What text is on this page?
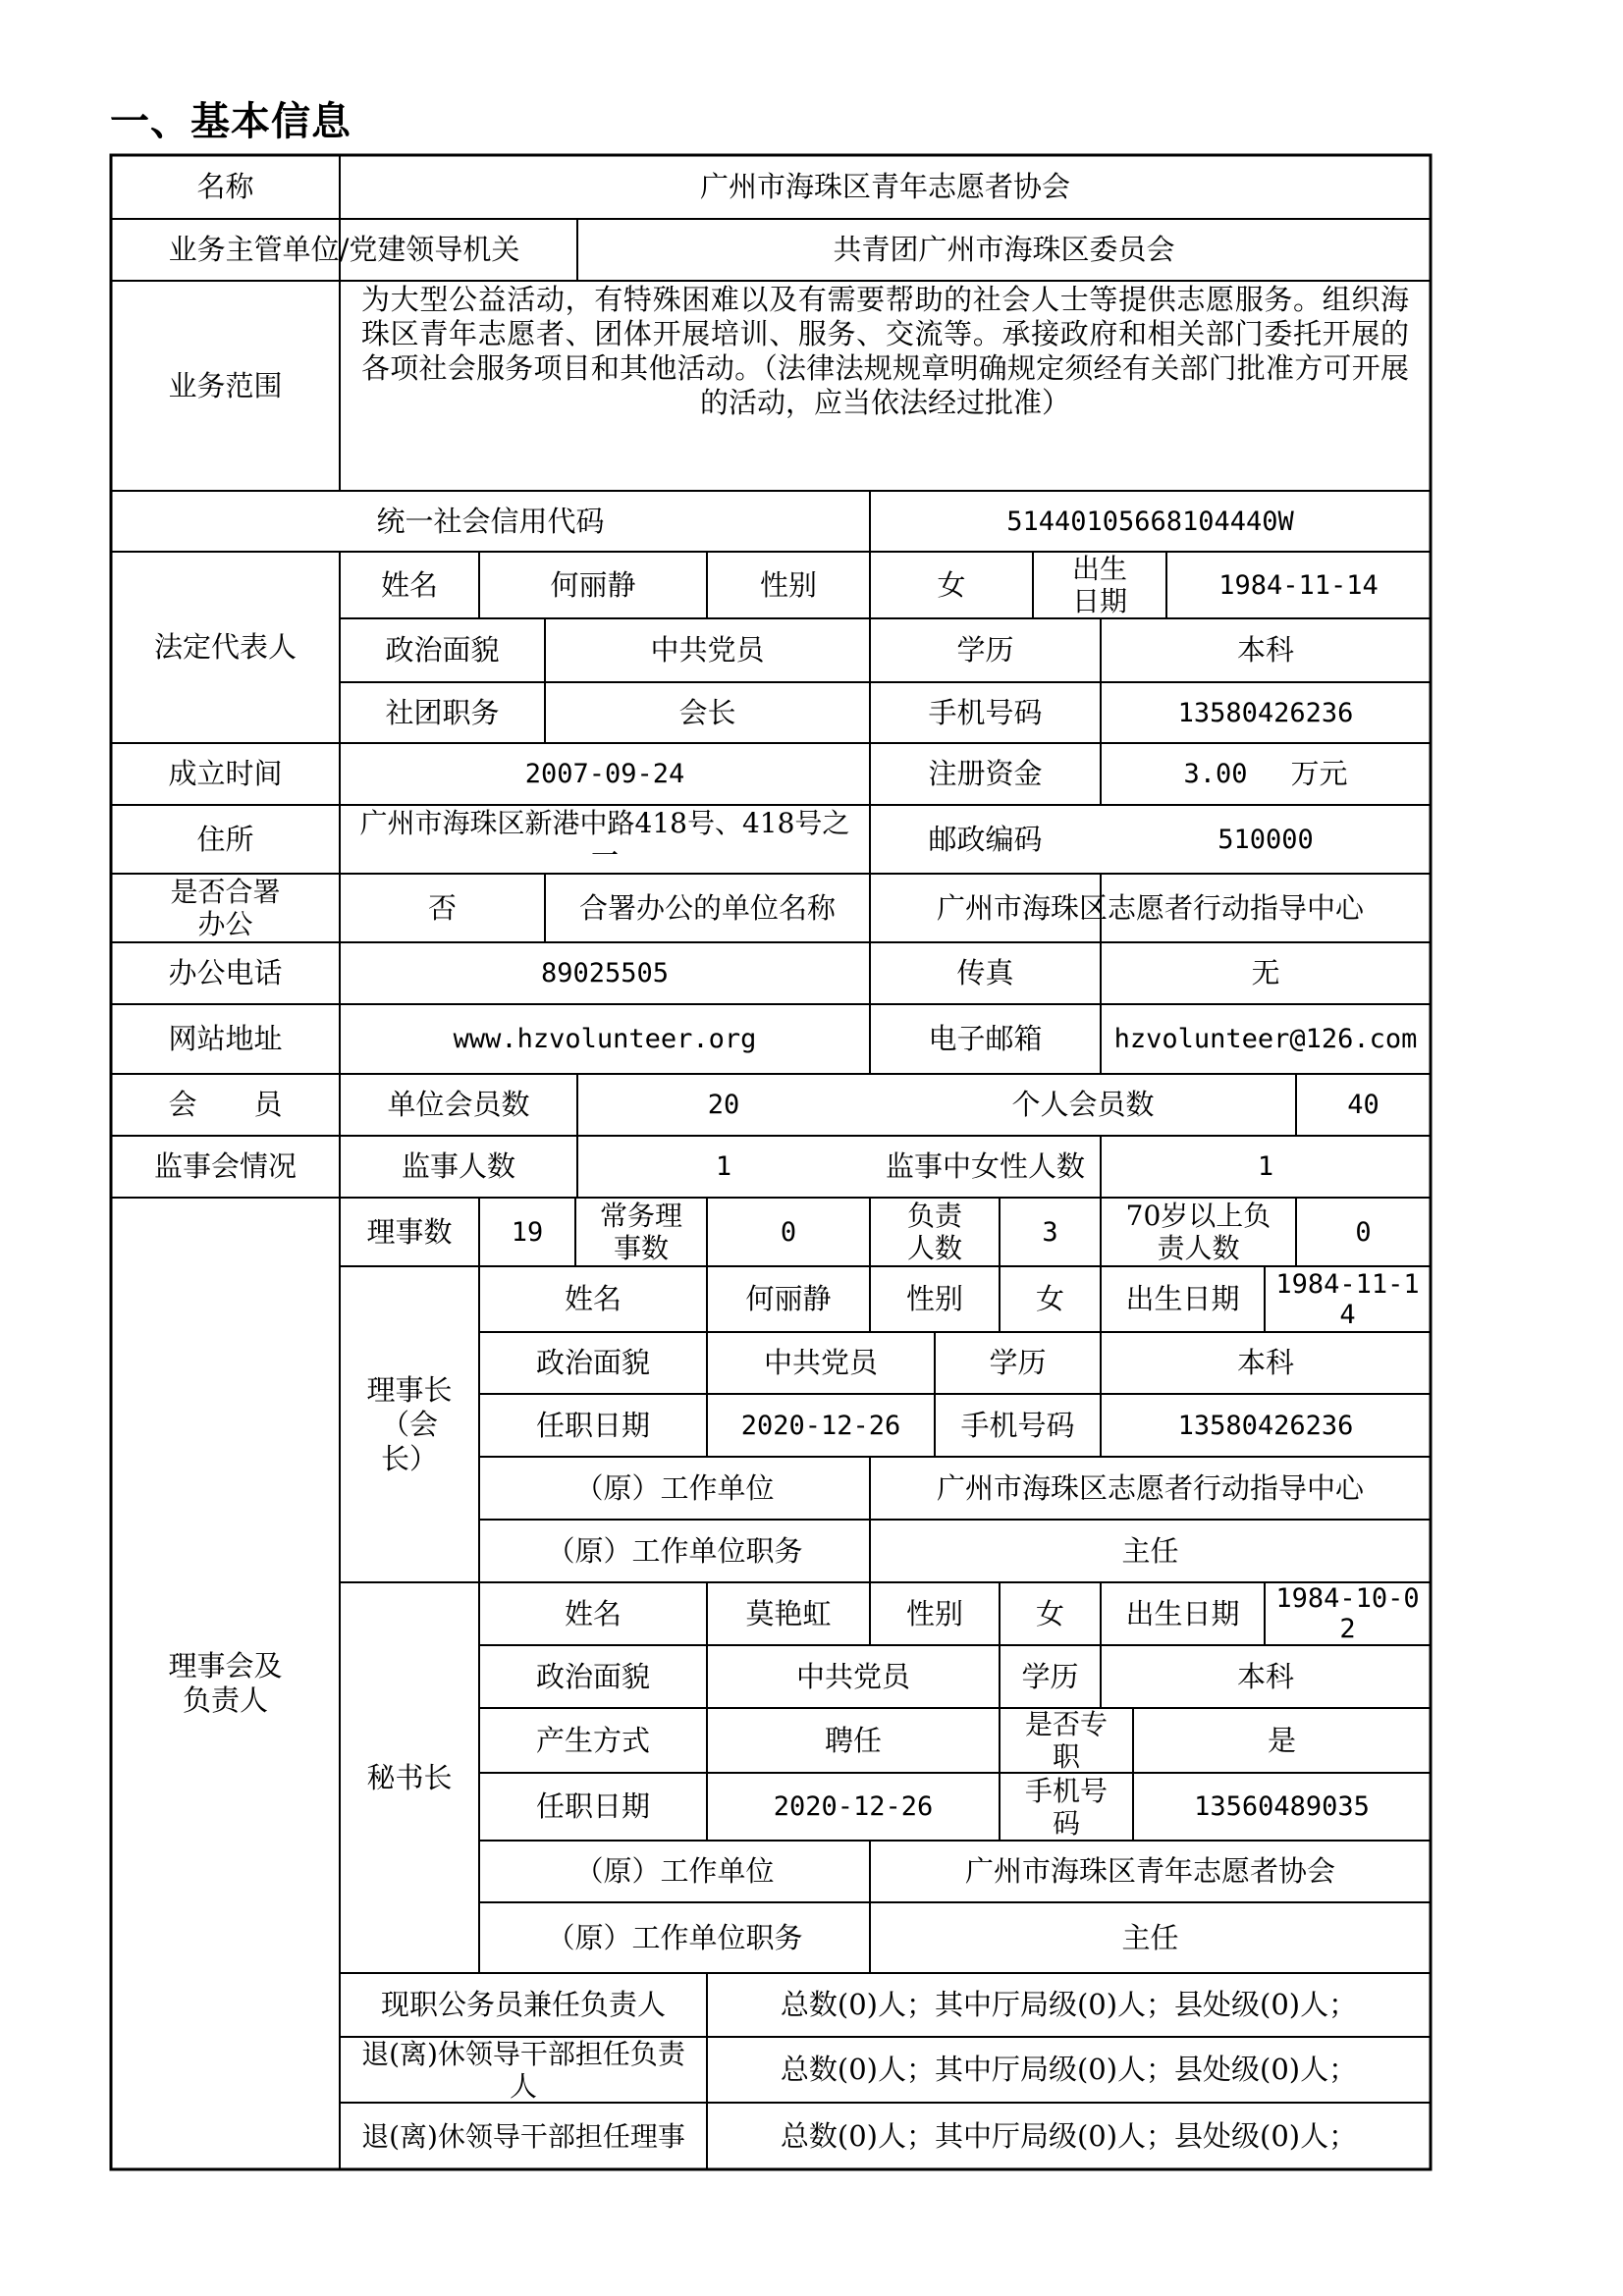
一、基本信息
名称	广州市海珠区青年志愿者协会
业务主管单位/党建领导机关	共青团广州市海珠区委员会
业务范围
为大型公益活动，有特殊困难以及有需要帮助的社会人士等提供志愿服务。组织海珠区青年志愿者、团体开展培训、服务、交流等。承接政府和相关部门委托开展的各项社会服务项目和其他活动。（法律法规规章明确规定须经有关部门批准方可开展的活动，应当依法经过批准）
统一社会信用代码	51440105668104440W
法定代表人
姓名	何丽静	性别	女	出生日期	1984-11-14
政治面貌	中共党员	学历	本科
社团职务	会长	手机号码	13580426236
成立时间	2007-09-24	注册资金	3.00 万元
住所	广州市海珠区新港中路418号、418号之一	邮政编码	510000
是否合署办公	否	合署办公的单位名称	广州市海珠区志愿者行动指导中心
办公电话	89025505	传真	无
网站地址	www.hzvolunteer.org	电子邮箱	hzvolunteer@126.com
会　　员	单位会员数	20	个人会员数	40
监事会情况	监事人数	1	监事中女性人数	1
理事会及负责人
理事数	19	常务理事数	0	负责人数	3	70岁以上负责人数	0
理事长（会长）
姓名	何丽静	性别	女	出生日期	1984-11-14
政治面貌	中共党员	学历	本科
任职日期	2020-12-26	手机号码	13580426236
（原）工作单位	广州市海珠区志愿者行动指导中心
（原）工作单位职务	主任
秘书长
姓名	莫艳虹	性别	女	出生日期	1984-10-02
政治面貌	中共党员	学历	本科
产生方式	聘任	是否专职	是
任职日期	2020-12-26	手机号码	13560489035
（原）工作单位	广州市海珠区青年志愿者协会
（原）工作单位职务	主任
现职公务员兼任负责人	总数(0)人；其中厅局级(0)人；县处级(0)人；
退(离)休领导干部担任负责人	总数(0)人；其中厅局级(0)人；县处级(0)人；
退(离)休领导干部担任理事	总数(0)人；其中厅局级(0)人；县处级(0)人；
